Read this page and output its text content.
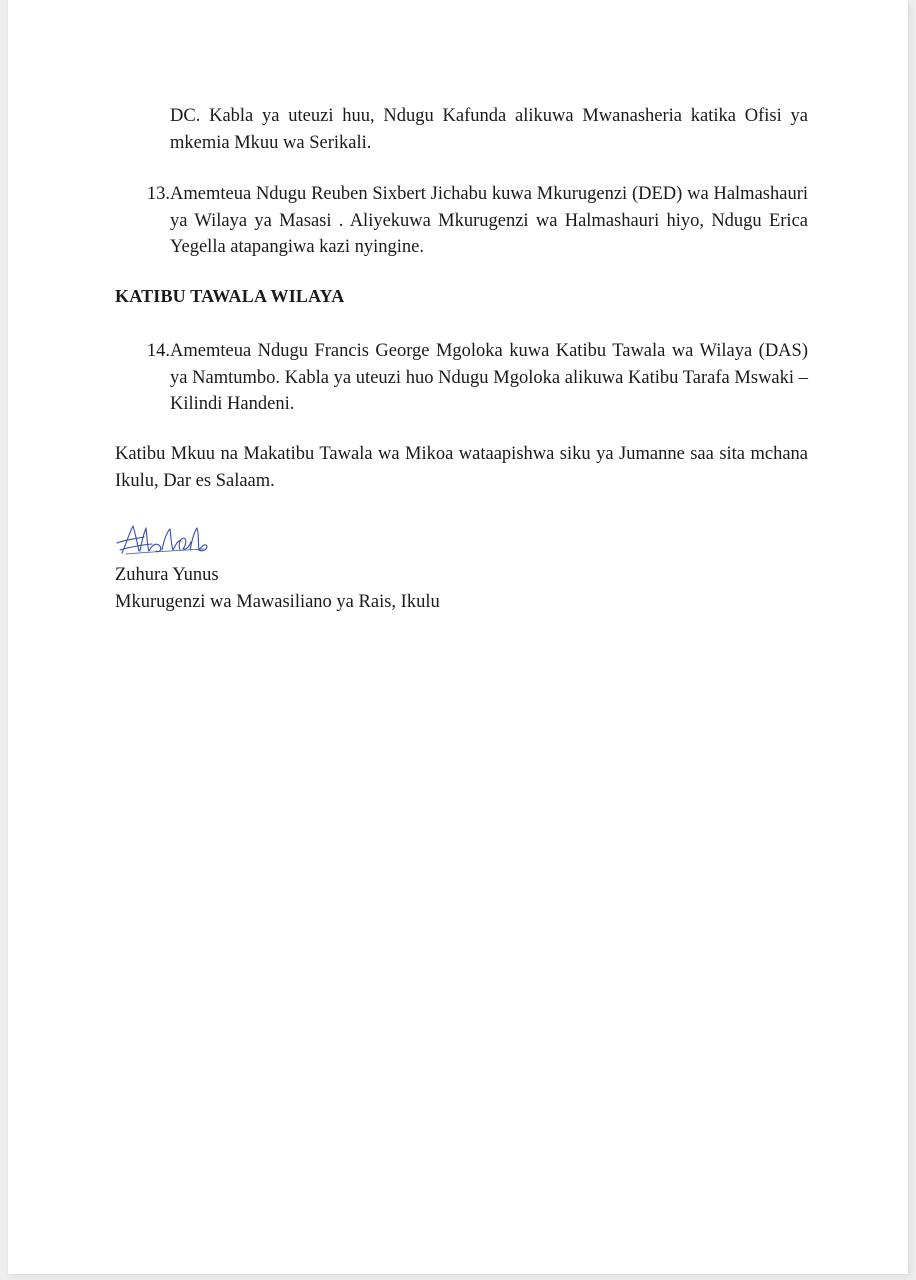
DC. Kabla ya uteuzi huu, Ndugu Kafunda alikuwa Mwanasheria katika Ofisi ya mkemia Mkuu wa Serikali.

13. Amemteua Ndugu Reuben Sixbert Jichabu kuwa Mkurugenzi (DED) wa Halmashauri ya Wilaya ya Masasi . Aliyekuwa Mkurugenzi wa Halmashauri hiyo, Ndugu Erica Yegella atapangiwa kazi nyingine.
KATIBU TAWALA WILAYA
14. Amemteua Ndugu Francis George Mgoloka kuwa Katibu Tawala wa Wilaya (DAS) ya Namtumbo. Kabla ya uteuzi huo Ndugu Mgoloka alikuwa Katibu Tarafa Mswaki – Kilindi Handeni.

Katibu Mkuu na Makatibu Tawala wa Mikoa wataapishwa siku ya Jumanne saa sita mchana Ikulu, Dar es Salaam.

Zuhura Yunus
Mkurugenzi wa Mawasiliano ya Rais, Ikulu
